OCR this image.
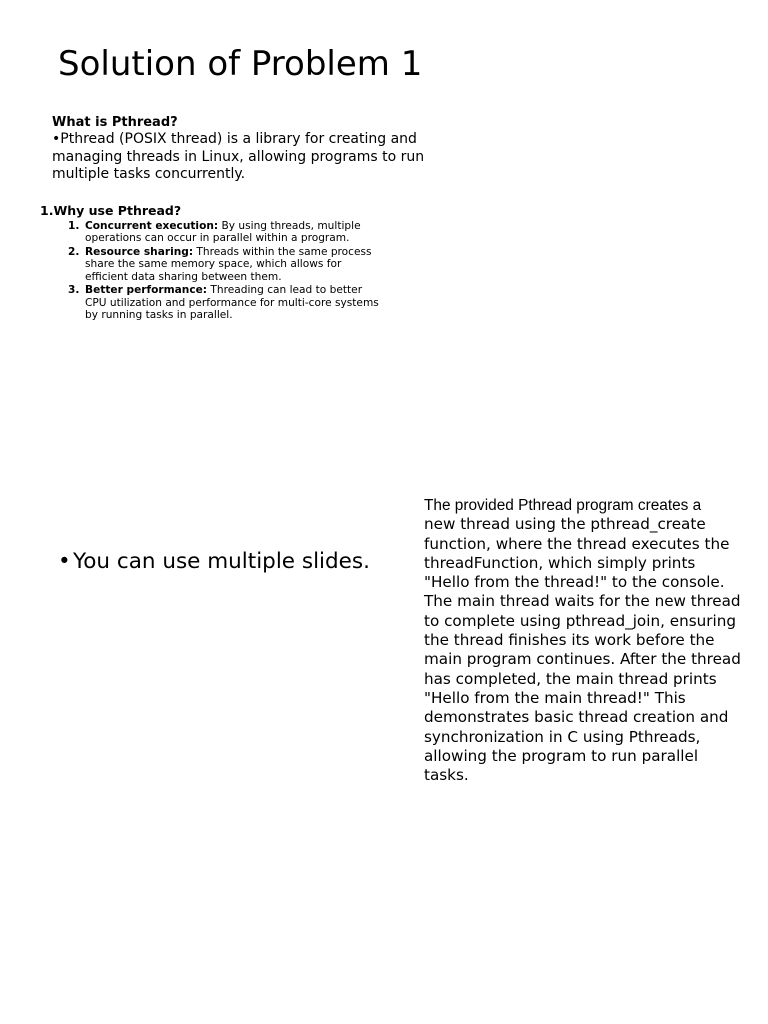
Solution of Problem 1
What is Pthread?
•Pthread (POSIX thread) is a library for creating and managing threads in Linux, allowing programs to run multiple tasks concurrently.
1.Why use Pthread?
1. Concurrent execution: By using threads, multiple operations can occur in parallel within a program.
2. Resource sharing: Threads within the same process share the same memory space, which allows for efficient data sharing between them.
3. Better performance: Threading can lead to better CPU utilization and performance for multi-core systems by running tasks in parallel.
• You can use multiple slides.
The provided Pthread program creates a
new thread using the pthread_create function, where the thread executes the threadFunction, which simply prints "Hello from the thread!" to the console. The main thread waits for the new thread to complete using pthread_join, ensuring the thread finishes its work before the main program continues. After the thread has completed, the main thread prints "Hello from the main thread!" This demonstrates basic thread creation and synchronization in C using Pthreads, allowing the program to run parallel tasks.
